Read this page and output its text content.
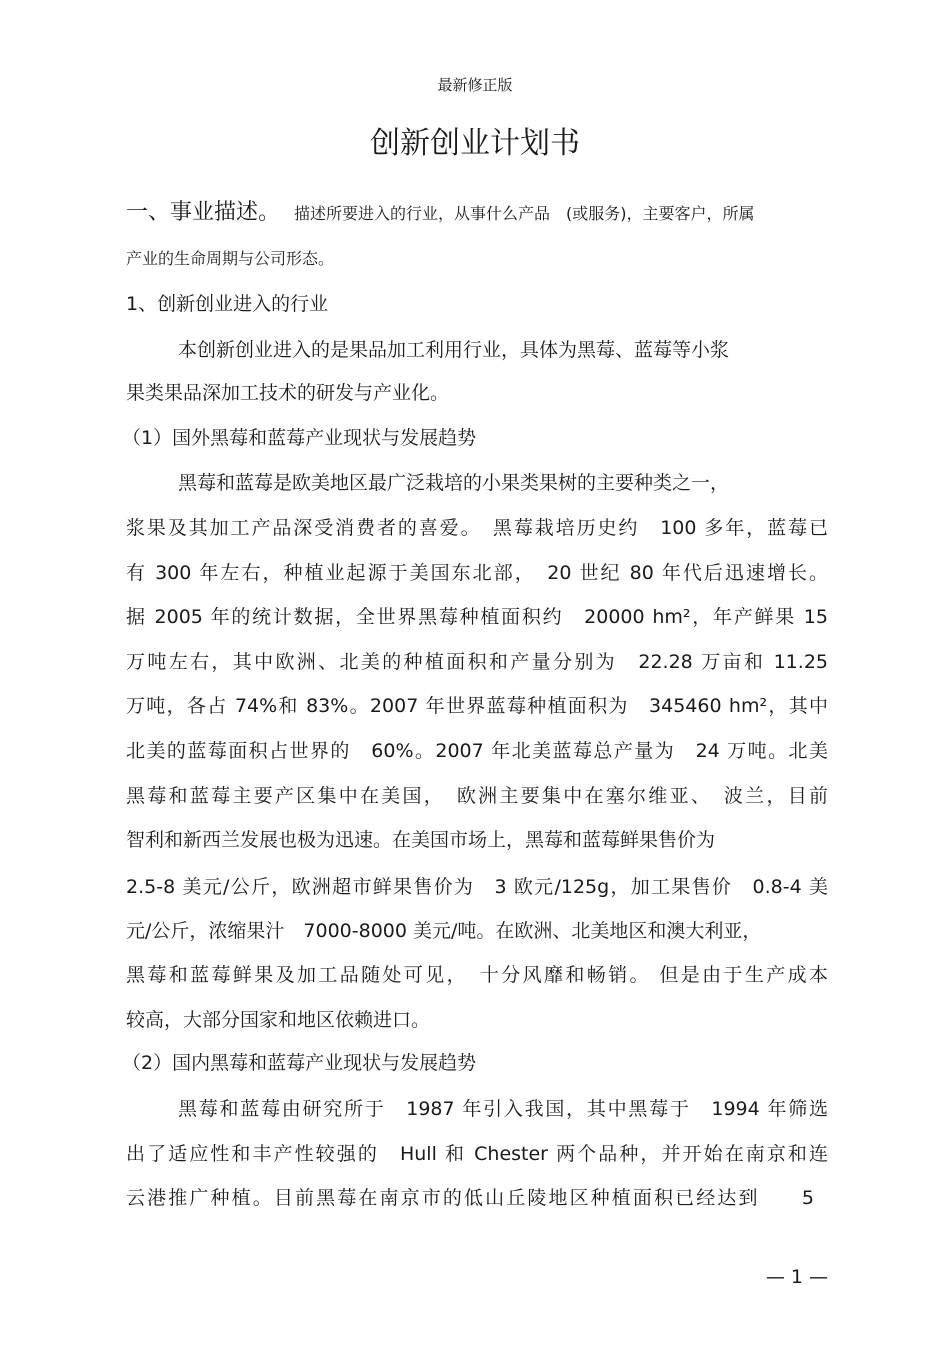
最新修正版
创新创业计划书
一、事业描述。 描述所要进入的行业，从事什么产品　(或服务)，主要客户，所属
产业的生命周期与公司形态。
1、创新创业进入的行业
本创新创业进入的是果品加工利用行业，具体为黑莓、蓝莓等小浆
果类果品深加工技术的研发与产业化。
（1）国外黑莓和蓝莓产业现状与发展趋势
黑莓和蓝莓是欧美地区最广泛栽培的小果类果树的主要种类之一，
浆果及其加工产品深受消费者的喜爱。　黑莓栽培历史约　100 多年，蓝莓已
有 300 年左右，种植业起源于美国东北部，　20 世纪 80 年代后迅速增长。
据 2005 年的统计数据，全世界黑莓种植面积约　20000 hm²，年产鲜果 15
万吨左右，其中欧洲、北美的种植面积和产量分别为　22.28 万亩和 11.25
万吨，各占 74%和 83%。2007 年世界蓝莓种植面积为　345460 hm²，其中
北美的蓝莓面积占世界的　60%。2007 年北美蓝莓总产量为　24 万吨。北美
黑莓和蓝莓主要产区集中在美国，　欧洲主要集中在塞尔维亚、　波兰，目前
智利和新西兰发展也极为迅速。在美国市场上，黑莓和蓝莓鲜果售价为
2.5-8 美元/公斤，欧洲超市鲜果售价为　3 欧元/125g，加工果售价　0.8-4 美
元/公斤，浓缩果汁　7000-8000 美元/吨。在欧洲、北美地区和澳大利亚，
黑莓和蓝莓鲜果及加工品随处可见，　十分风靡和畅销。 但是由于生产成本
较高，大部分国家和地区依赖进口。
（2）国内黑莓和蓝莓产业现状与发展趋势
黑莓和蓝莓由研究所于　1987 年引入我国，其中黑莓于　1994 年筛选
出了适应性和丰产性较强的　Hull 和 Chester 两个品种，并开始在南京和连
云港推广种植。目前黑莓在南京市的低山丘陵地区种植面积已经达到　　5
— 1 —
